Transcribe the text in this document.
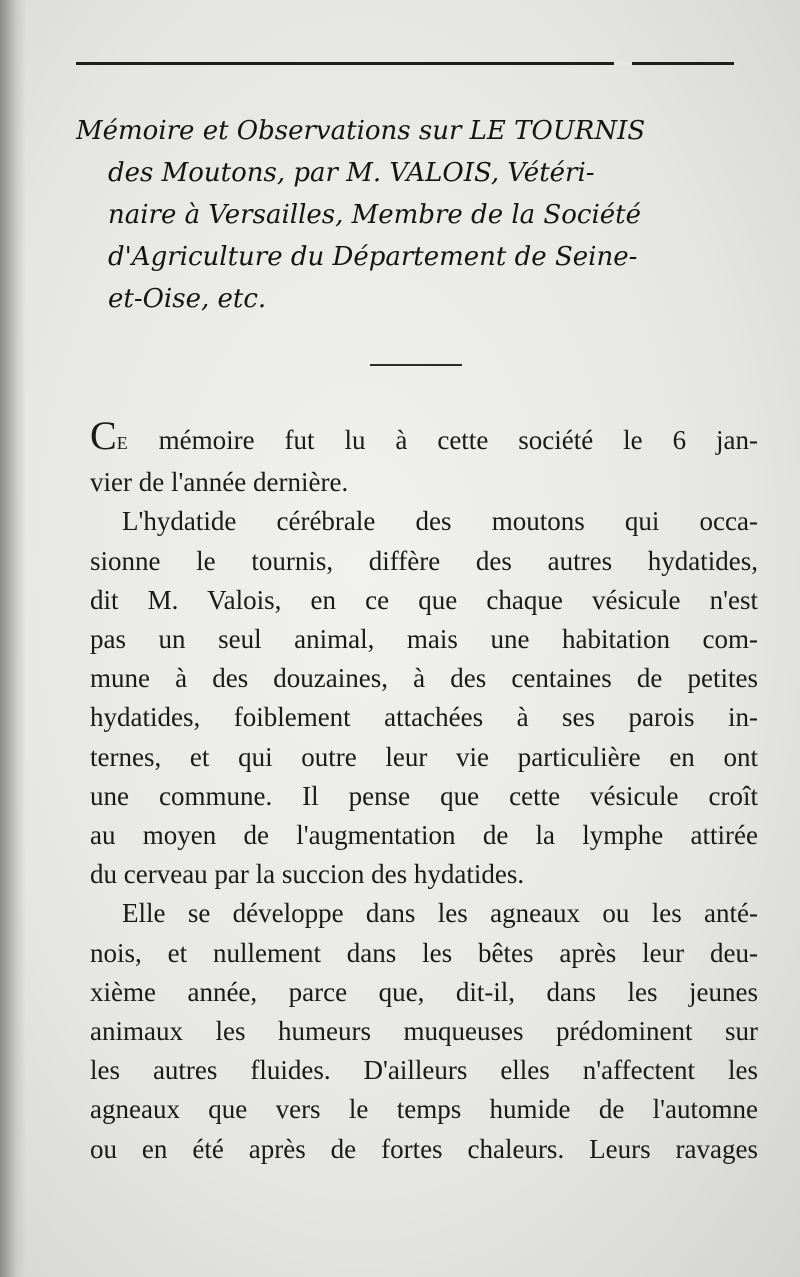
Mémoire et Observations sur LE TOURNIS
des Moutons, par M. VALOIS, Vétéri-
naire à Versailles, Membre de la Société
d'Agriculture du Département de Seine-
et-Oise, etc.
CE mémoire fut lu à cette société le 6 jan-
vier de l'année dernière.
L'hydatide cérébrale des moutons qui occa-
sionne le tournis, diffère des autres hydatides,
dit M. Valois, en ce que chaque vésicule n'est
pas un seul animal, mais une habitation com-
mune à des douzaines, à des centaines de petites
hydatides, foiblement attachées à ses parois in-
ternes, et qui outre leur vie particulière en ont
une commune. Il pense que cette vésicule croît
au moyen de l'augmentation de la lymphe attirée
du cerveau par la succion des hydatides.
Elle se développe dans les agneaux ou les anté-
nois, et nullement dans les bêtes après leur deu-
xième année, parce que, dit-il, dans les jeunes
animaux les humeurs muqueuses prédominent sur
les autres fluides. D'ailleurs elles n'affectent les
agneaux que vers le temps humide de l'automne
ou en été après de fortes chaleurs. Leurs ravages
